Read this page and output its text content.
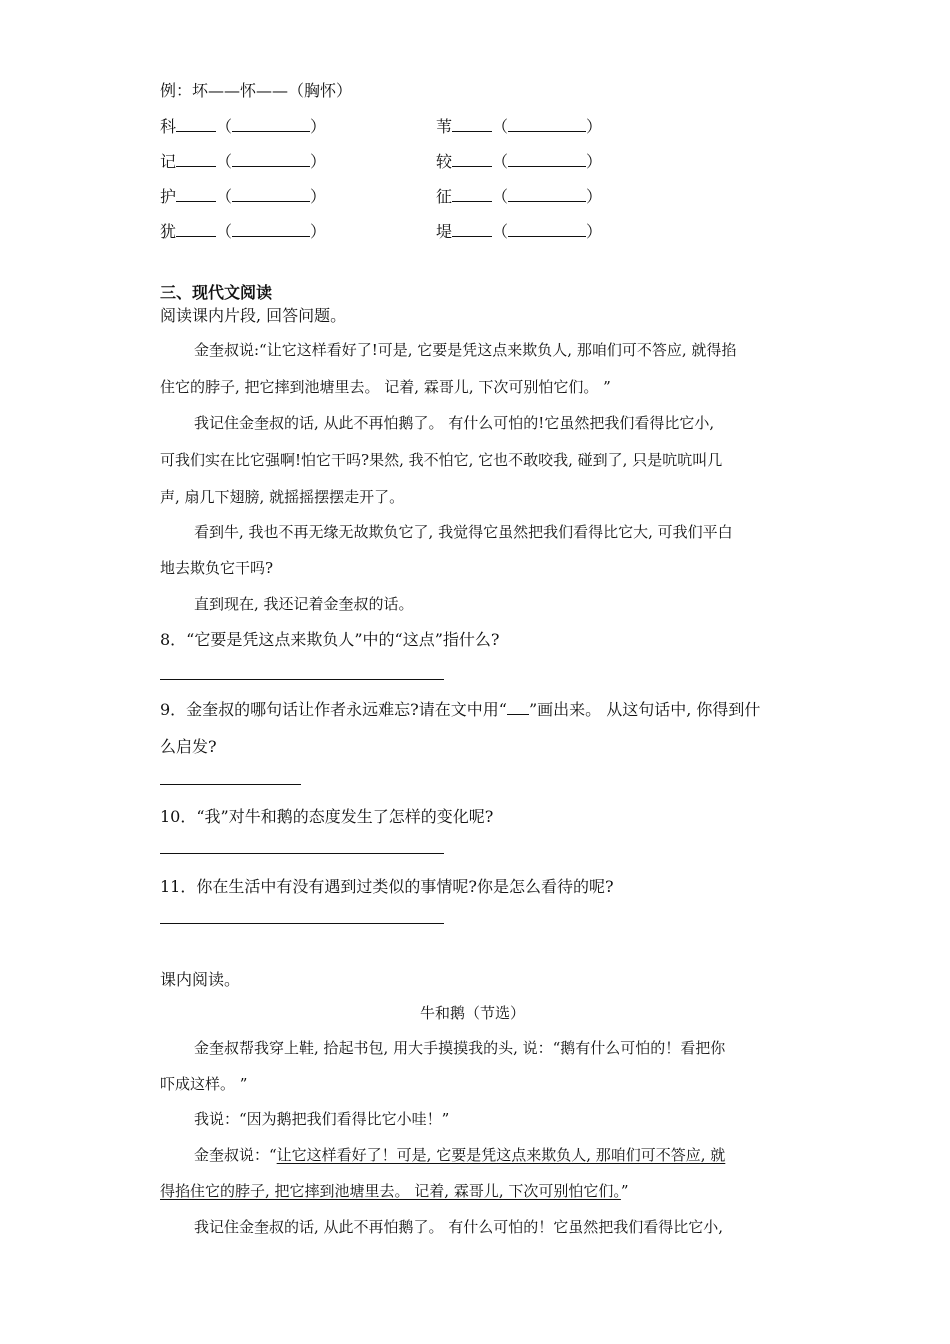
例：坏——怀——（胸怀）
科	（	）	苇	（	）
记	（	）	较	（	）
护	（	）	征	（	）
犹	（	）	堤	（	）
三、现代文阅读
阅读课内片段, 回答问题。
金奎叔说:“让它这样看好了!可是, 它要是凭这点来欺负人, 那咱们可不答应, 就得掐
住它的脖子, 把它摔到池塘里去。 记着, 霖哥儿, 下次可别怕它们。 ”
我记住金奎叔的话, 从此不再怕鹅了。 有什么可怕的!它虽然把我们看得比它小,
可我们实在比它强啊!怕它干吗?果然, 我不怕它, 它也不敢咬我, 碰到了, 只是吭吭叫几
声, 扇几下翅膀, 就摇摇摆摆走开了。
看到牛, 我也不再无缘无故欺负它了, 我觉得它虽然把我们看得比它大, 可我们平白
地去欺负它干吗?
直到现在, 我还记着金奎叔的话。
8．“它要是凭这点来欺负人”中的“这点”指什么?
9．金奎叔的哪句话让作者永远难忘?请在文中用“ ”画出来。 从这句话中, 你得到什
么启发?
10．“我”对牛和鹅的态度发生了怎样的变化呢?
11．你在生活中有没有遇到过类似的事情呢?你是怎么看待的呢?
课内阅读。
牛和鹅（节选）
金奎叔帮我穿上鞋, 拾起书包, 用大手摸摸我的头, 说：“鹅有什么可怕的！看把你
吓成这样。 ”
我说：“因为鹅把我们看得比它小哇！”
金奎叔说：“让它这样看好了！可是, 它要是凭这点来欺负人, 那咱们可不答应, 就
得掐住它的脖子, 把它摔到池塘里去。 记着, 霖哥儿, 下次可别怕它们。”
我记住金奎叔的话, 从此不再怕鹅了。 有什么可怕的！它虽然把我们看得比它小,
